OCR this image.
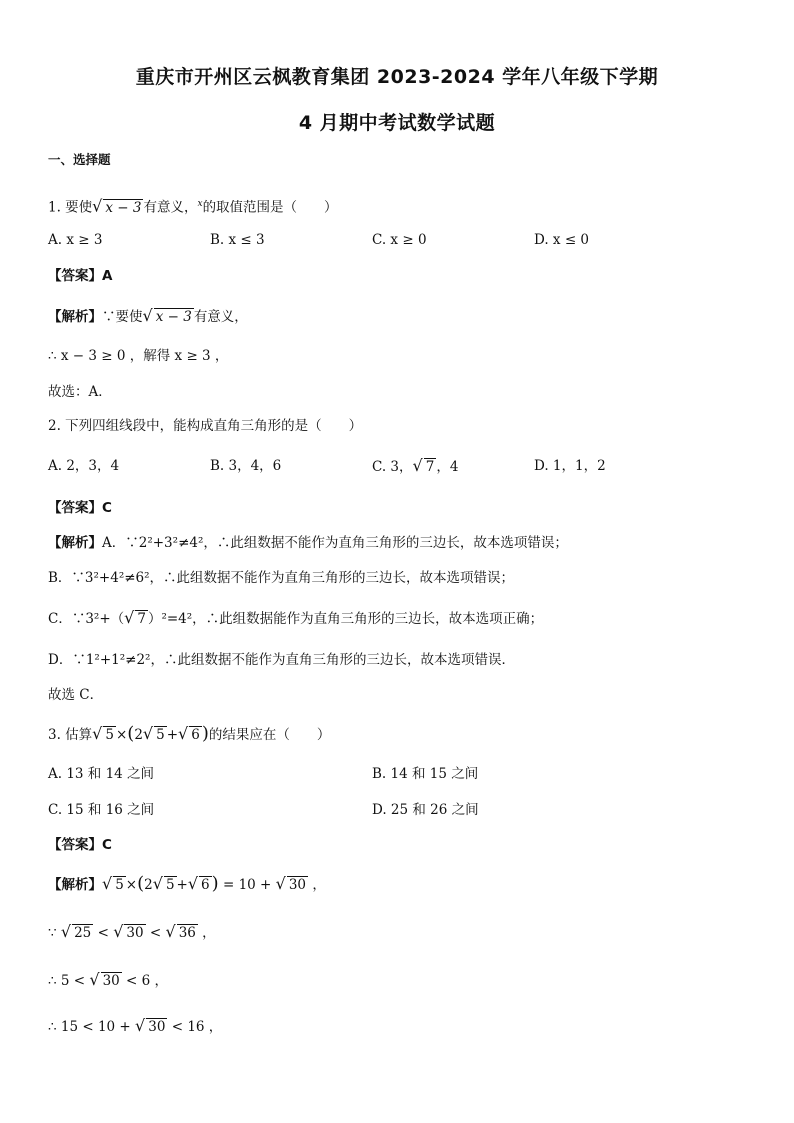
重庆市开州区云枫教育集团 2023-2024 学年八年级下学期
4 月期中考试数学试题
一、选择题
1. 要使√ x − 3 有意义，$^x$的取值范围是（　　）
A. x ≥ 3	B. x ≤ 3	C. x ≥ 0	D. x ≤ 0
【答案】A
【解析】∵要使√ x − 3 有意义，
∴ x − 3 ≥ 0 ，解得 x ≥ 3 ，
故选：A．
2. 下列四组线段中，能构成直角三角形的是（　　）
A. 2，3，4	B. 3，4，6	C. 3，√ 7 ，4	D. 1，1，2
【答案】C
【解析】A．∵2²+3²≠4²，∴此组数据不能作为直角三角形的三边长，故本选项错误；
B．∵3²+4²≠6²，∴此组数据不能作为直角三角形的三边长，故本选项错误；
C．∵3²+（√ 7 ）²=4²，∴此组数据能作为直角三角形的三边长，故本选项正确；
D．∵1²+1²≠2²，∴此组数据不能作为直角三角形的三边长，故本选项错误．
故选 C．
3. 估算√ 5 ×(2√ 5 +√ 6 )的结果应在（　　）
A. 13 和 14 之间	B. 14 和 15 之间
C. 15 和 16 之间	D. 25 和 26 之间
【答案】C
【解析】√ 5 ×(2√ 5 +√ 6 ) = 10 + √ 30 ，
∵ √ 25 < √ 30 < √ 36 ，
∴ 5 < √ 30 < 6 ，
∴ 15 < 10 + √ 30 < 16 ，
